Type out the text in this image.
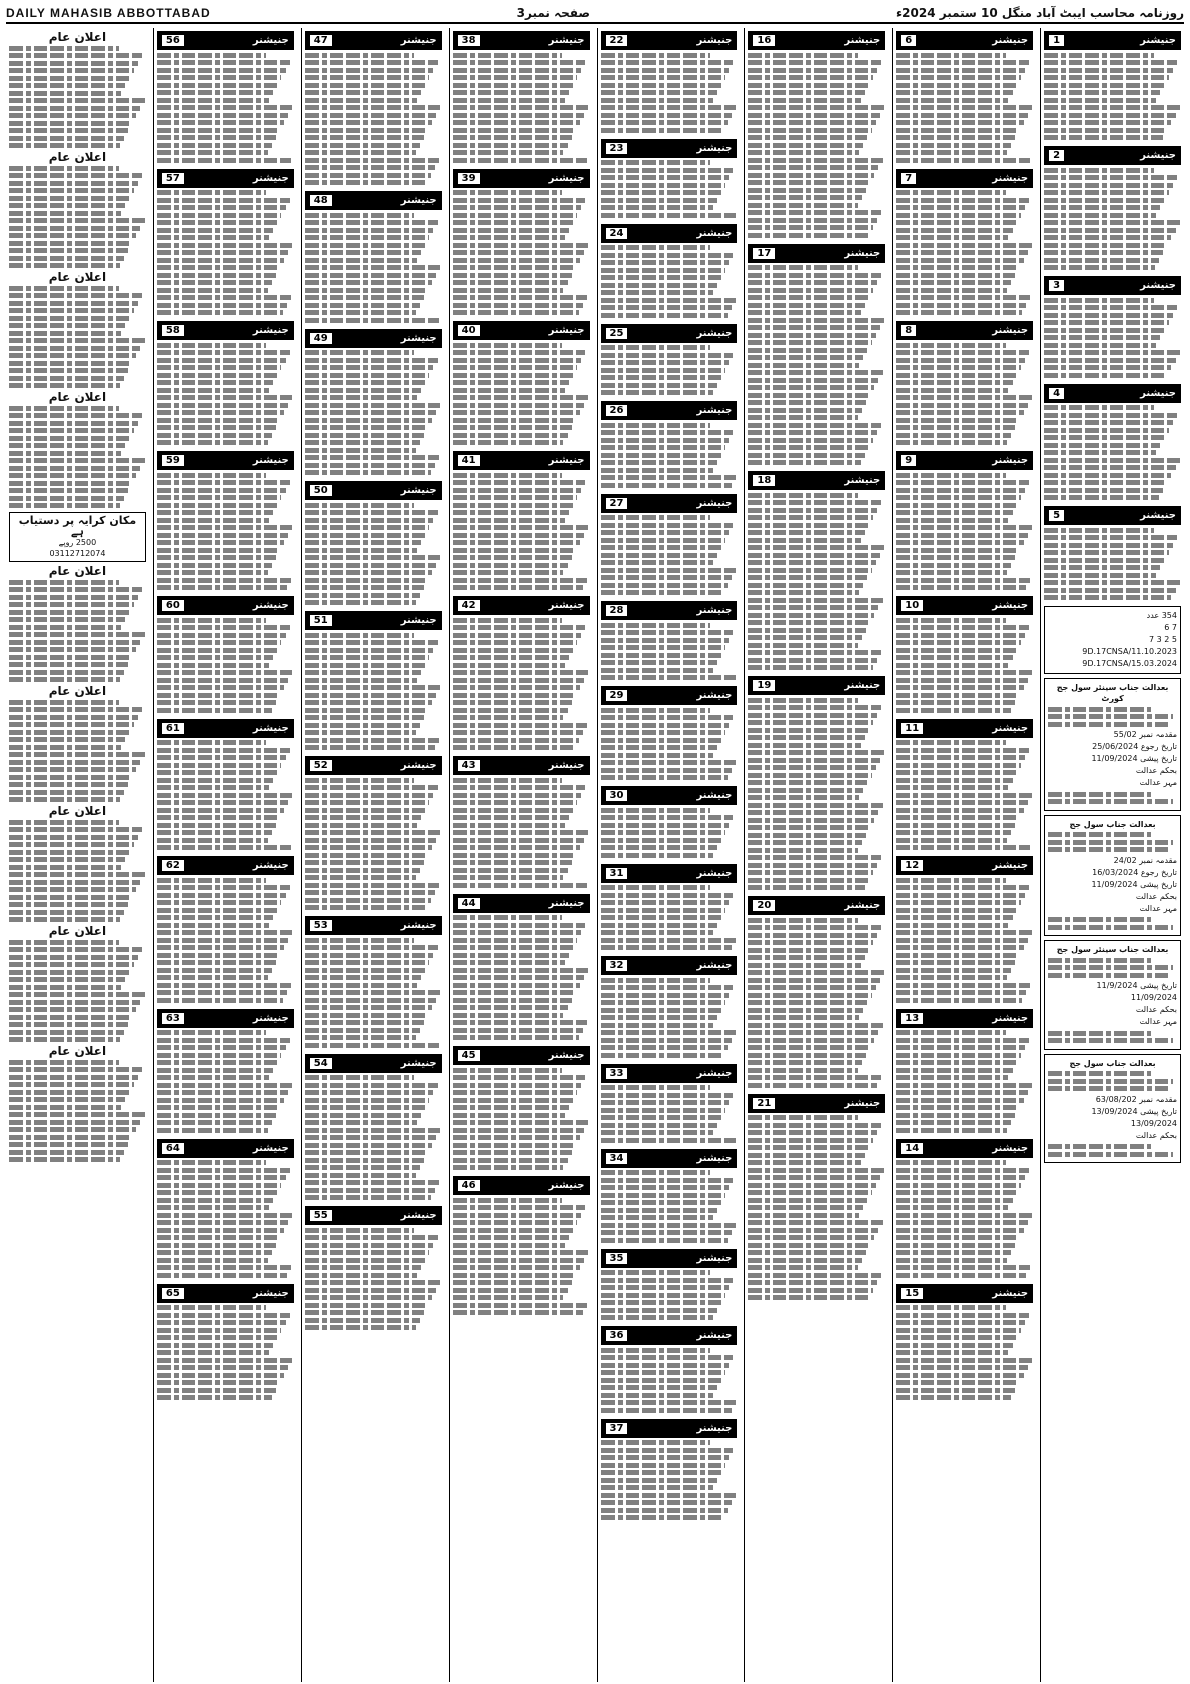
DAILY MAHASIB ABBOTTABAD	صفحہ نمبر3	روزنامہ محاسب ایبٹ آباد منگل 10 ستمبر 2024ء
جنیشنر
1
جنیشنر
2
جنیشنر
3
جنیشنر
4
جنیشنر
5
354 عدد
7 6
5 2 3 7
9D.17CNSA/11.10.2023
9D.17CNSA/15.03.2024
بعدالت جناب سینئر سول جج کورٹ
مقدمہ نمبر 55/02
تاریخ رجوع 25/06/2024
تاریخ پیشی 11/09/2024
بحکم عدالت
مہر عدالت
بعدالت جناب سول جج
مقدمہ نمبر 24/02
تاریخ رجوع 16/03/2024
تاریخ پیشی 11/09/2024
بحکم عدالت
مہر عدالت
بعدالت جناب سینئر سول جج
تاریخ پیشی 11/9/2024
11/09/2024
بحکم عدالت
مہر عدالت
بعدالت جناب سول جج
مقدمہ نمبر 63/08/202
تاریخ پیشی 13/09/2024
13/09/2024
بحکم عدالت
جنیشنر
6
جنیشنر
7
جنیشنر
8
جنیشنر
9
جنیشنر
10
جنیشنر
11
جنیشنر
12
جنیشنر
13
جنیشنر
14
جنیشنر
15
جنیشنر
16
جنیشنر
17
جنیشنر
18
جنیشنر
19
جنیشنر
20
جنیشنر
21
جنیشنر
22
جنیشنر
23
جنیشنر
24
جنیشنر
25
جنیشنر
26
جنیشنر
27
جنیشنر
28
جنیشنر
29
جنیشنر
30
جنیشنر
31
جنیشنر
32
جنیشنر
33
جنیشنر
34
جنیشنر
35
جنیشنر
36
جنیشنر
37
جنیشنر
38
جنیشنر
39
جنیشنر
40
جنیشنر
41
جنیشنر
42
جنیشنر
43
جنیشنر
44
جنیشنر
45
جنیشنر
46
جنیشنر
47
جنیشنر
48
جنیشنر
49
جنیشنر
50
جنیشنر
51
جنیشنر
52
جنیشنر
53
جنیشنر
54
جنیشنر
55
جنیشنر
56
جنیشنر
57
جنیشنر
58
جنیشنر
59
جنیشنر
60
جنیشنر
61
جنیشنر
62
جنیشنر
63
جنیشنر
64
جنیشنر
65
اعلان عام
اعلان عام
اعلان عام
اعلان عام
مکان کرایہ پر دستیاب ہے
2500 روپے
03112712074
اعلان عام
اعلان عام
اعلان عام
اعلان عام
اعلان عام
